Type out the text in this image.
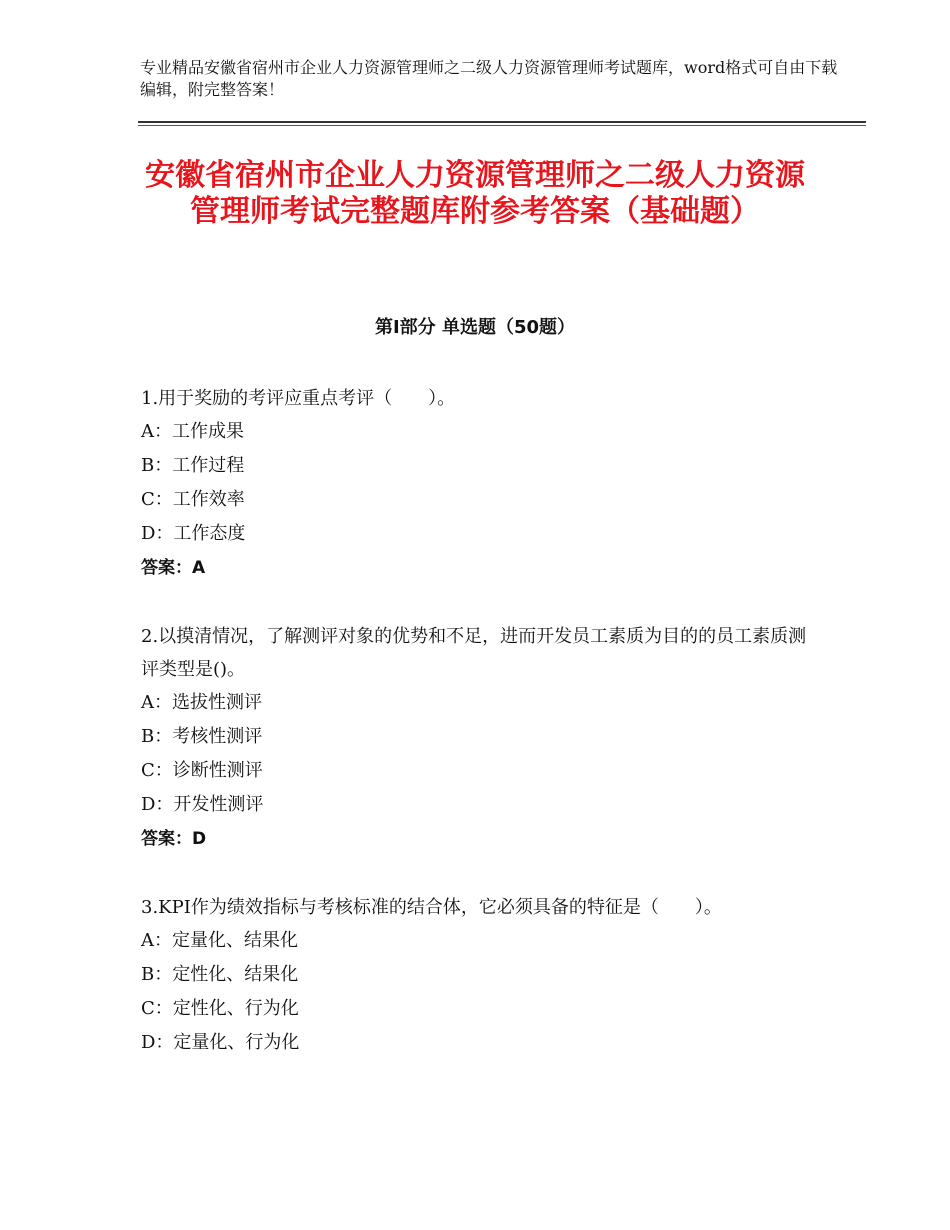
专业精品安徽省宿州市企业人力资源管理师之二级人力资源管理师考试题库，word格式可自由下载编辑，附完整答案！
安徽省宿州市企业人力资源管理师之二级人力资源管理师考试完整题库附参考答案（基础题）
第Ⅰ部分 单选题（50题）

1.用于奖励的考评应重点考评（　　）。

A：工作成果

B：工作过程

C：工作效率

D：工作态度

答案：A

2.以摸清情况，了解测评对象的优势和不足，进而开发员工素质为目的的员工素质测评类型是()。

A：选拔性测评

B：考核性测评

C：诊断性测评

D：开发性测评

答案：D

3.KPI作为绩效指标与考核标准的结合体，它必须具备的特征是（　　）。

A：定量化、结果化

B：定性化、结果化

C：定性化、行为化

D：定量化、行为化
